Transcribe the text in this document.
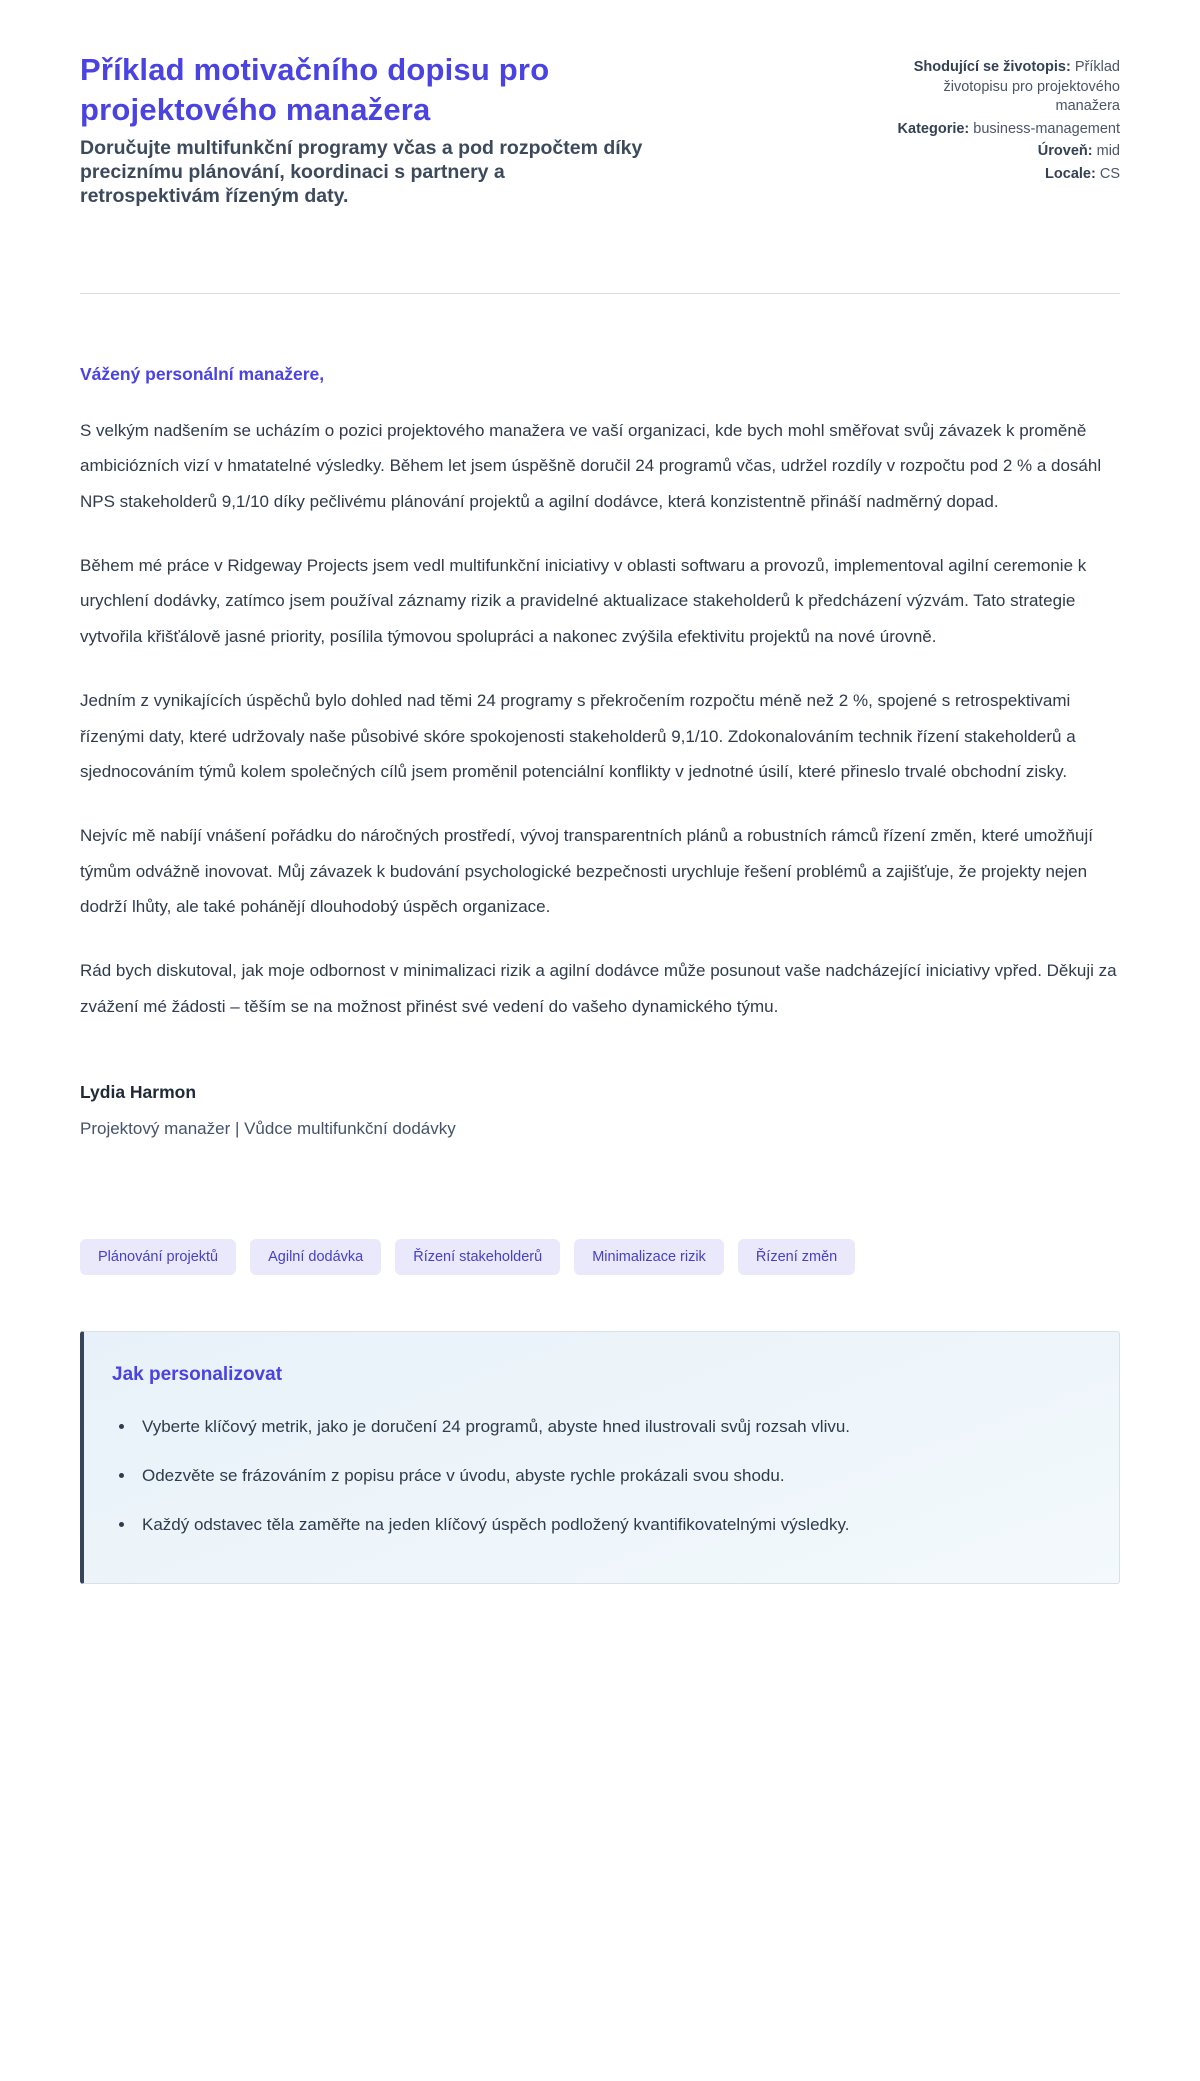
Příklad motivačního dopisu pro projektového manažera
Doručujte multifunkční programy včas a pod rozpočtem díky preciznímu plánování, koordinaci s partnery a retrospektivám řízeným daty.
Shodující se životopis: Příklad životopisu pro projektového manažera
Kategorie: business-management
Úroveň: mid
Locale: CS
Vážený personální manažere,

S velkým nadšením se ucházím o pozici projektového manažera ve vaší organizaci, kde bych mohl směřovat svůj závazek k proměně ambiciózních vizí v hmatatelné výsledky. Během let jsem úspěšně doručil 24 programů včas, udržel rozdíly v rozpočtu pod 2 % a dosáhl NPS stakeholderů 9,1/10 díky pečlivému plánování projektů a agilní dodávce, která konzistentně přináší nadměrný dopad.

Během mé práce v Ridgeway Projects jsem vedl multifunkční iniciativy v oblasti softwaru a provozů, implementoval agilní ceremonie k urychlení dodávky, zatímco jsem používal záznamy rizik a pravidelné aktualizace stakeholderů k předcházení výzvám. Tato strategie vytvořila křišťálově jasné priority, posílila týmovou spolupráci a nakonec zvýšila efektivitu projektů na nové úrovně.

Jedním z vynikajících úspěchů bylo dohled nad těmi 24 programy s překročením rozpočtu méně než 2 %, spojené s retrospektivami řízenými daty, které udržovaly naše působivé skóre spokojenosti stakeholderů 9,1/10. Zdokonalováním technik řízení stakeholderů a sjednocováním týmů kolem společných cílů jsem proměnil potenciální konflikty v jednotné úsilí, které přineslo trvalé obchodní zisky.

Nejvíc mě nabíjí vnášení pořádku do náročných prostředí, vývoj transparentních plánů a robustních rámců řízení změn, které umožňují týmům odvážně inovovat. Můj závazek k budování psychologické bezpečnosti urychluje řešení problémů a zajišťuje, že projekty nejen dodrží lhůty, ale také pohánějí dlouhodobý úspěch organizace.

Rád bych diskutoval, jak moje odbornost v minimalizaci rizik a agilní dodávce může posunout vaše nadcházející iniciativy vpřed. Děkuji za zvážení mé žádosti – těším se na možnost přinést své vedení do vašeho dynamického týmu.

Lydia Harmon
Projektový manažer | Vůdce multifunkční dodávky
Plánování projektů	Agilní dodávka	Řízení stakeholderů	Minimalizace rizik	Řízení změn
Jak personalizovat
• Vyberte klíčový metrik, jako je doručení 24 programů, abyste hned ilustrovali svůj rozsah vlivu.
• Odezvěte se frázováním z popisu práce v úvodu, abyste rychle prokázali svou shodu.
• Každý odstavec těla zaměřte na jeden klíčový úspěch podložený kvantifikovatelnými výsledky.
